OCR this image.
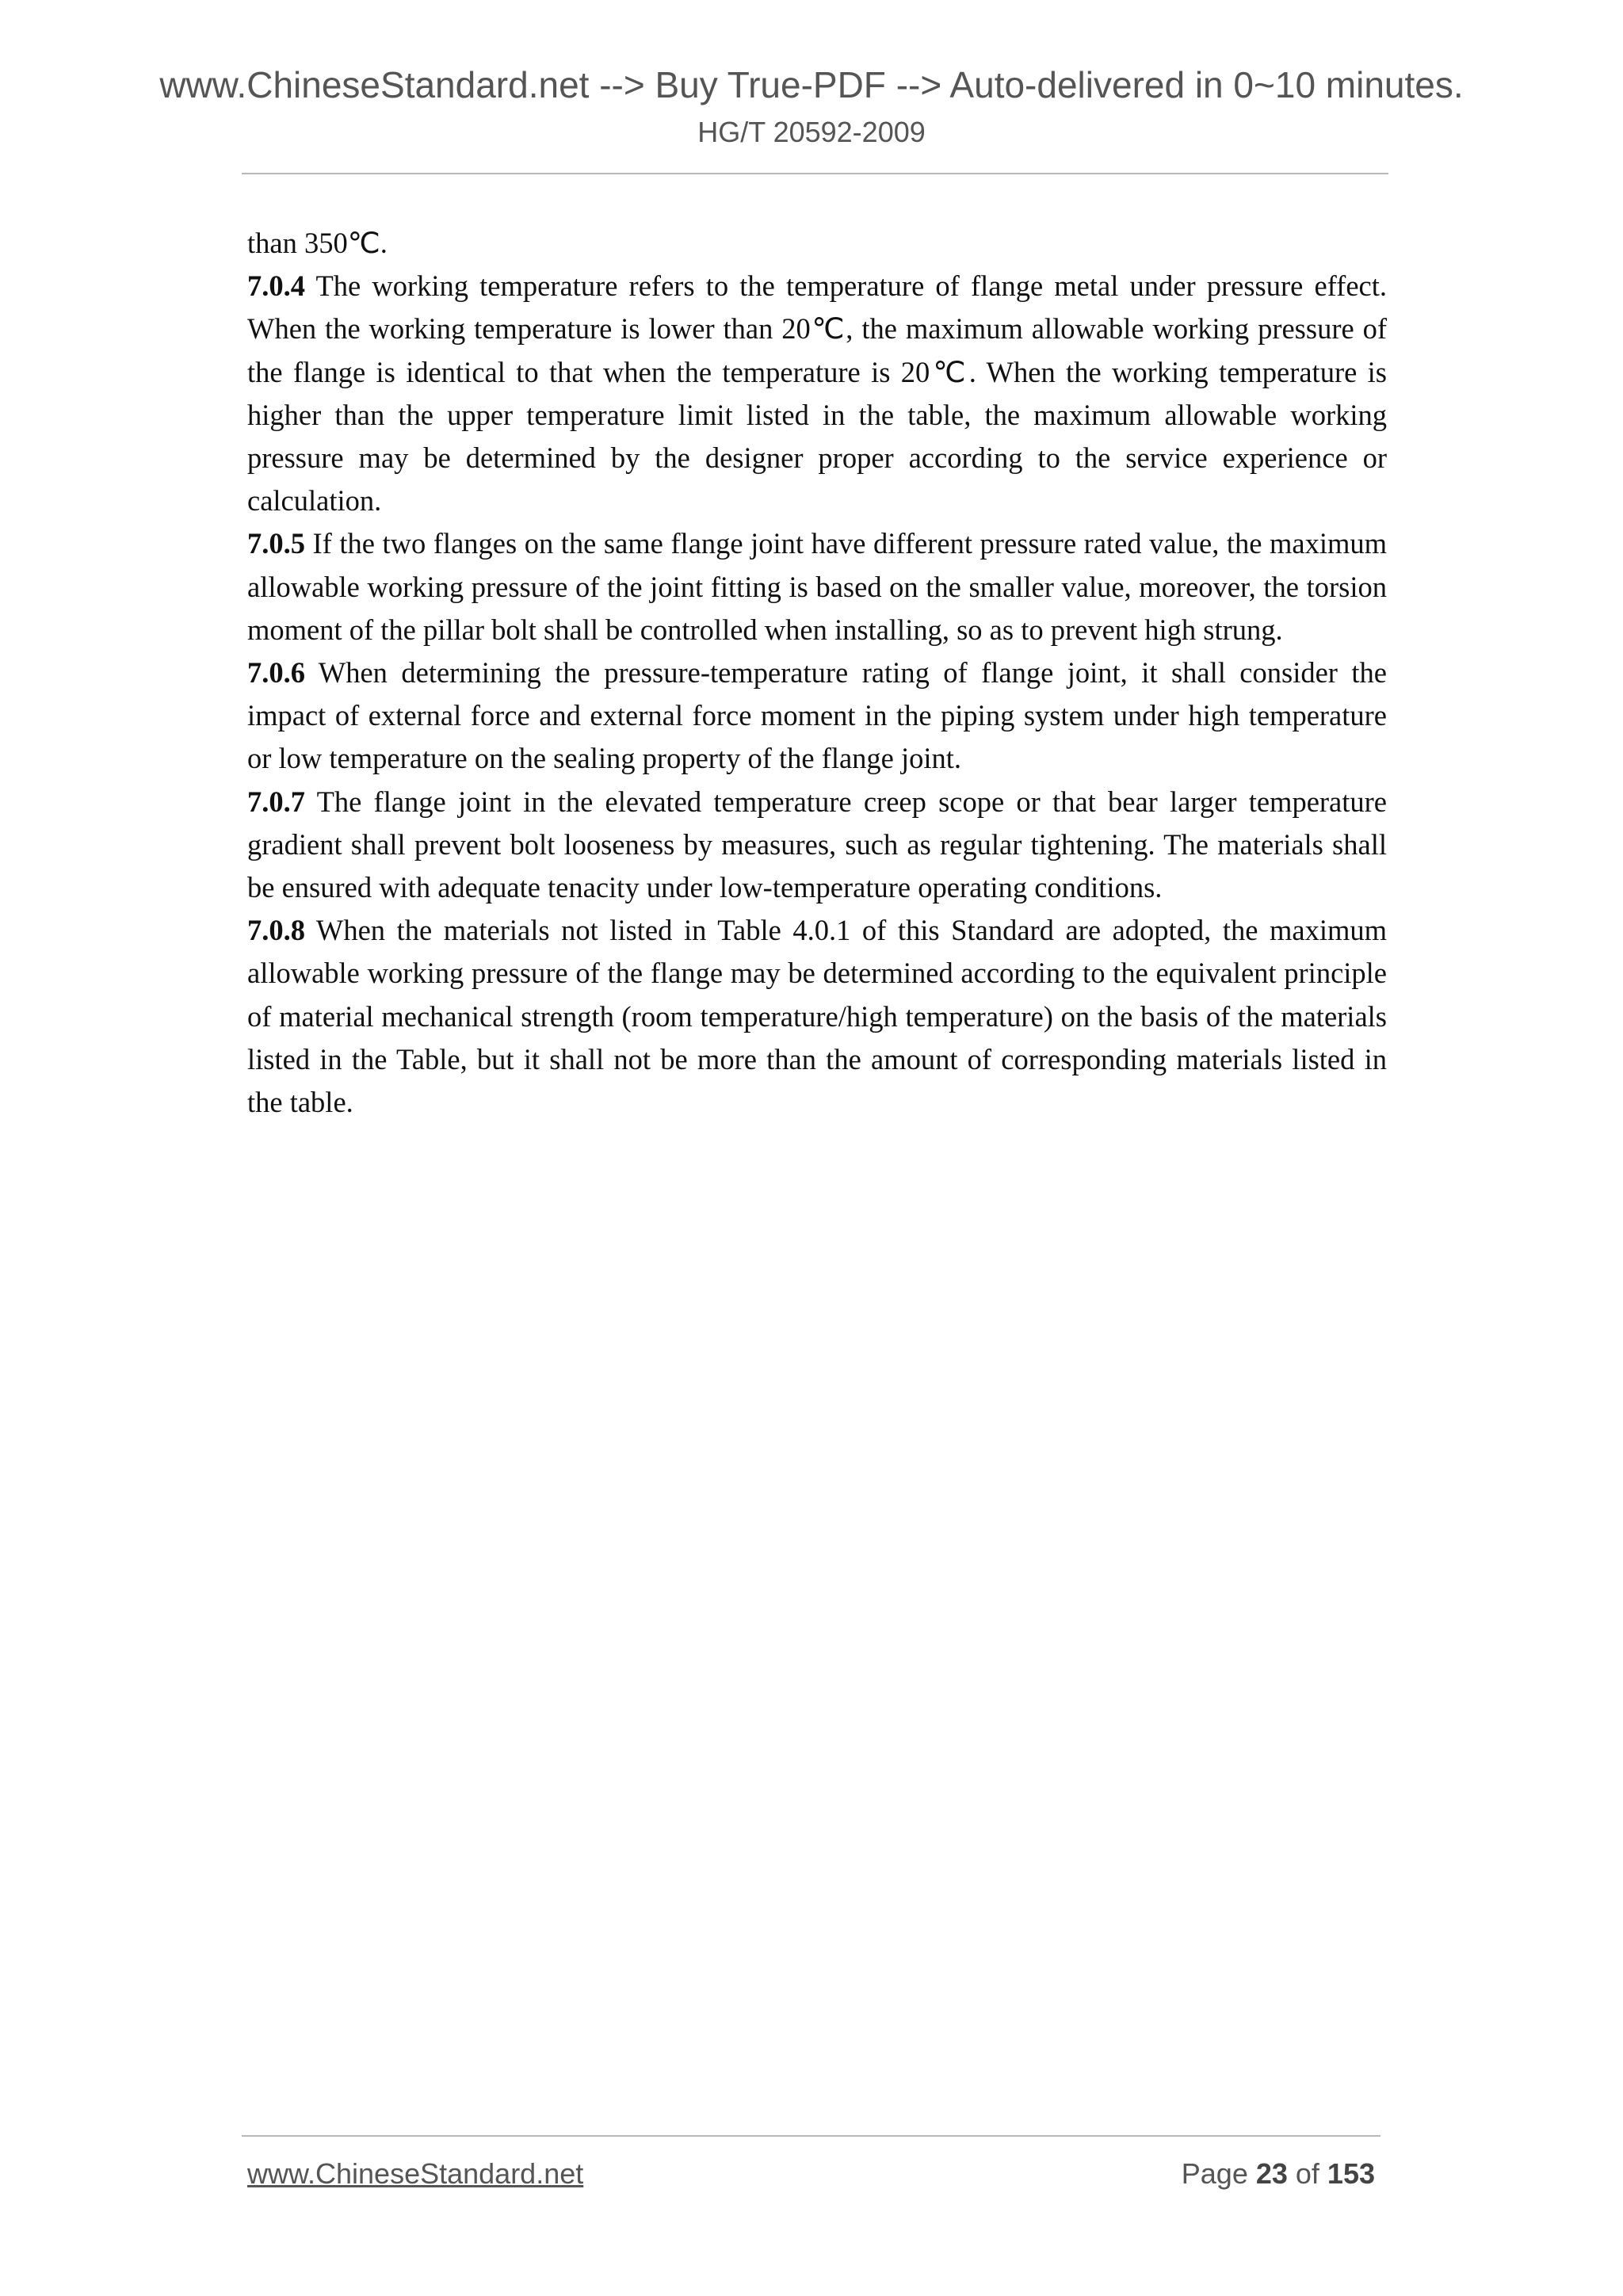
www.ChineseStandard.net --> Buy True-PDF --> Auto-delivered in 0~10 minutes.
HG/T 20592-2009

than 350℃.

7.0.4 The working temperature refers to the temperature of flange metal under pressure effect. When the working temperature is lower than 20℃, the maximum allowable working pressure of the flange is identical to that when the temperature is 20℃. When the working temperature is higher than the upper temperature limit listed in the table, the maximum allowable working pressure may be determined by the designer proper according to the service experience or calculation.

7.0.5 If the two flanges on the same flange joint have different pressure rated value, the maximum allowable working pressure of the joint fitting is based on the smaller value, moreover, the torsion moment of the pillar bolt shall be controlled when installing, so as to prevent high strung.

7.0.6 When determining the pressure-temperature rating of flange joint, it shall consider the impact of external force and external force moment in the piping system under high temperature or low temperature on the sealing property of the flange joint.

7.0.7 The flange joint in the elevated temperature creep scope or that bear larger temperature gradient shall prevent bolt looseness by measures, such as regular tightening. The materials shall be ensured with adequate tenacity under low-temperature operating conditions.

7.0.8 When the materials not listed in Table 4.0.1 of this Standard are adopted, the maximum allowable working pressure of the flange may be determined according to the equivalent principle of material mechanical strength (room temperature/high temperature) on the basis of the materials listed in the Table, but it shall not be more than the amount of corresponding materials listed in the table.

www.ChineseStandard.net	Page 23 of 153
